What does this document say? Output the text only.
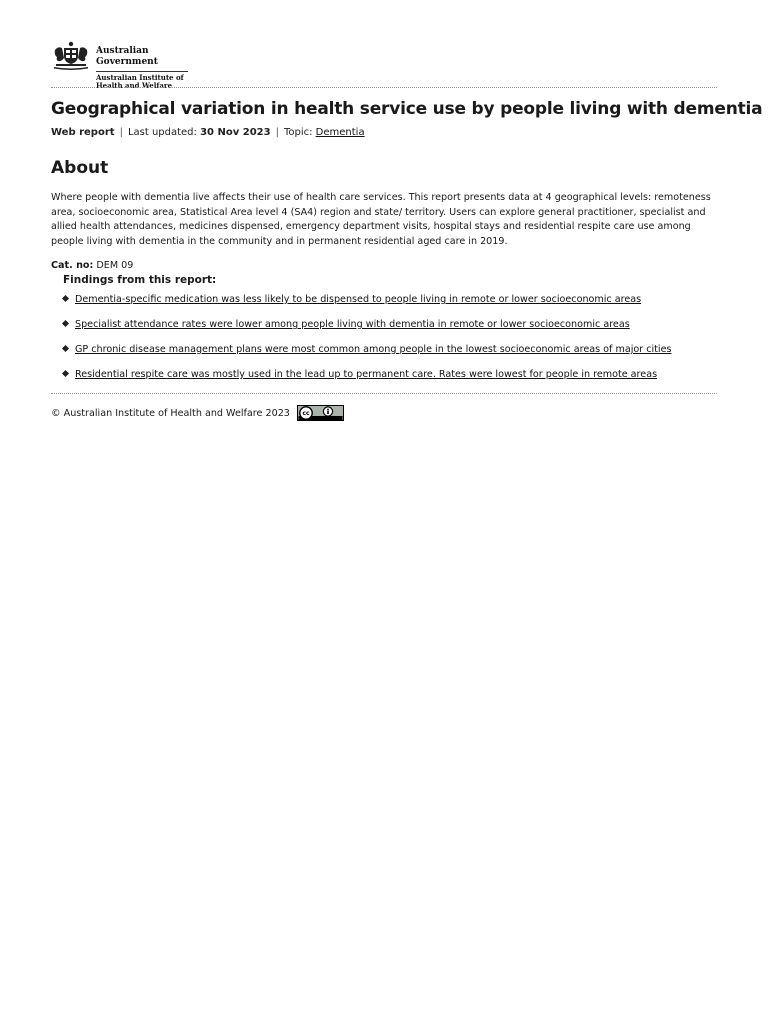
Australian Government
Australian Institute of
Health and Welfare
Geographical variation in health service use by people living with dementia
Web report | Last updated: 30 Nov 2023 | Topic: Dementia
About

Where people with dementia live affects their use of health care services. This report presents data at 4 geographical levels: remoteness area, socioeconomic area, Statistical Area level 4 (SA4) region and state/ territory. Users can explore general practitioner, specialist and allied health attendances, medicines dispensed, emergency department visits, hospital stays and residential respite care use among people living with dementia in the community and in permanent residential aged care in 2019.

Cat. no: DEM 09
Findings from this report:
Dementia-specific medication was less likely to be dispensed to people living in remote or lower socioeconomic areas
Specialist attendance rates were lower among people living with dementia in remote or lower socioeconomic areas
GP chronic disease management plans were most common among people in the lowest socioeconomic areas of major cities
Residential respite care was mostly used in the lead up to permanent care. Rates were lowest for people in remote areas
© Australian Institute of Health and Welfare 2023 cc
